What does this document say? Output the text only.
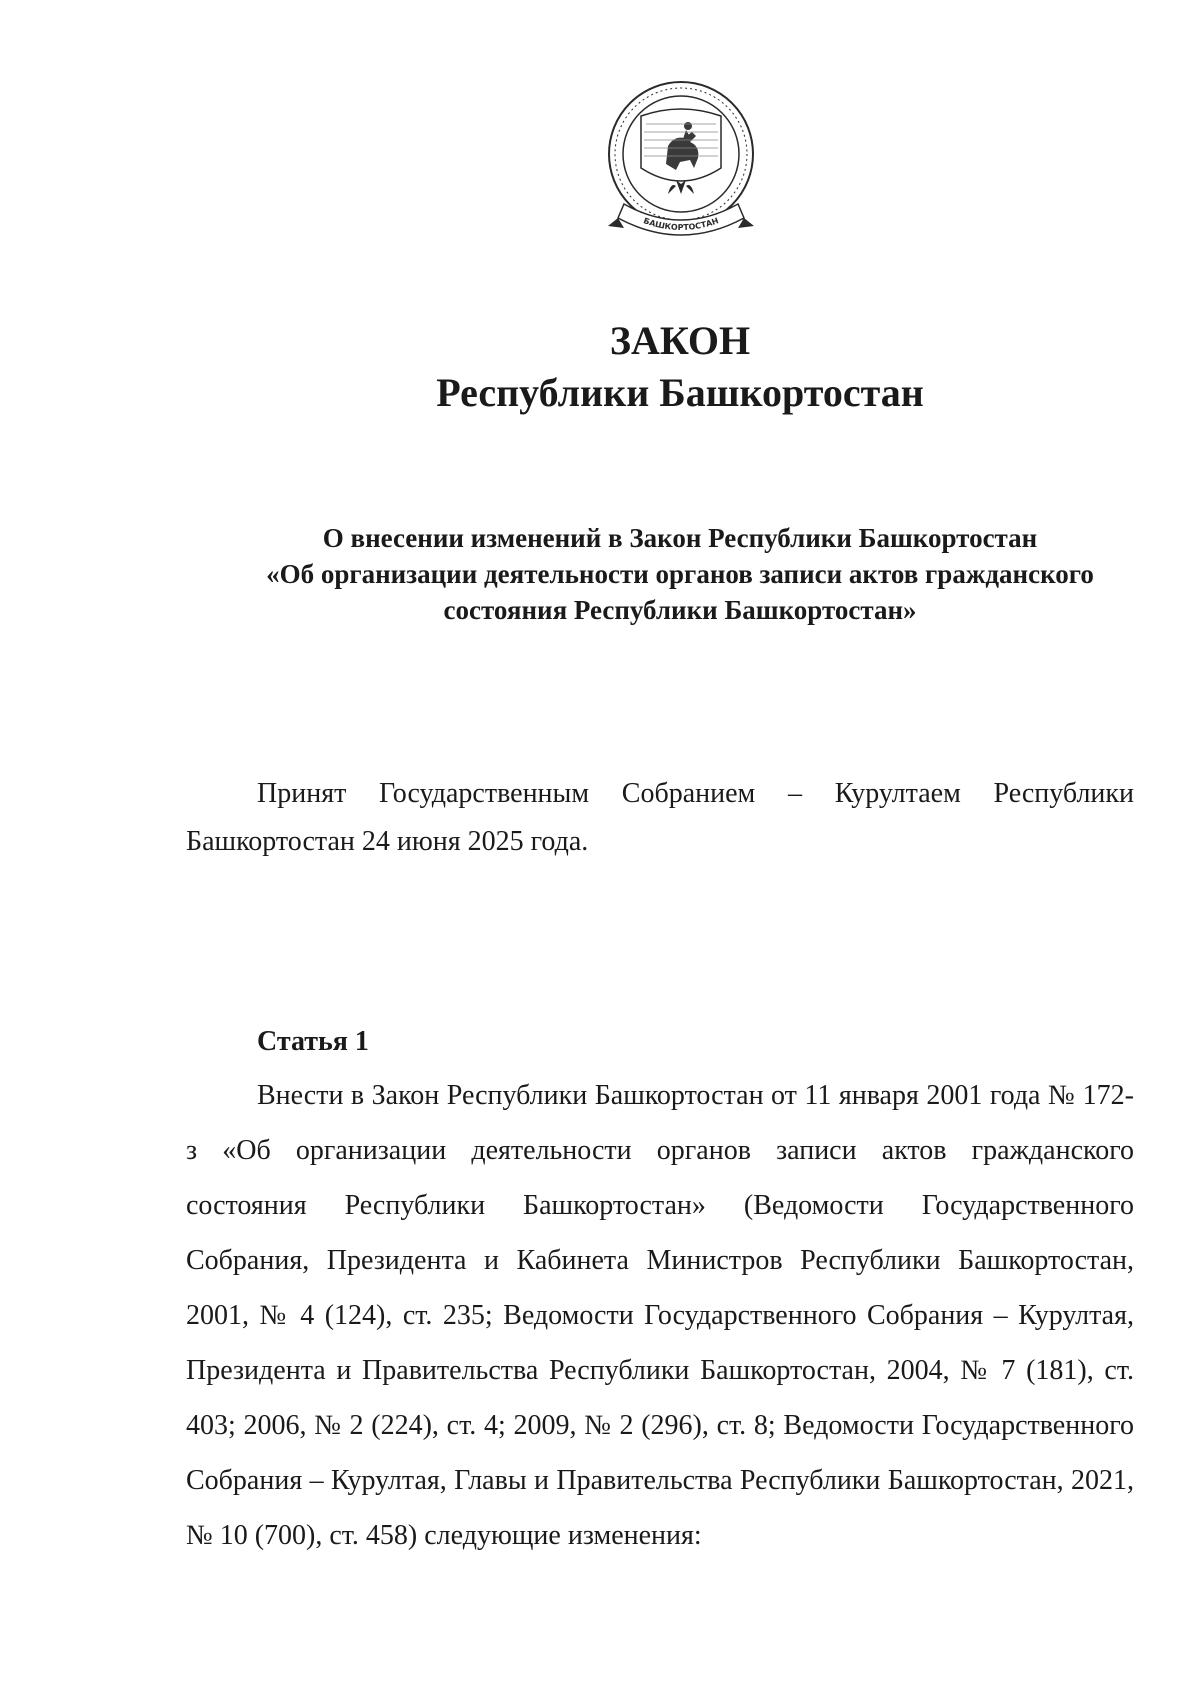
БАШКОРТОСТАН
ЗАКОН
Республики Башкортостан
О внесении изменений в Закон Республики Башкортостан
«Об организации деятельности органов записи актов гражданского
состояния Республики Башкортостан»
Принят Государственным Собранием – Курултаем Республики Башкортостан 24 июня 2025 года.
Статья 1
Внести в Закон Республики Башкортостан от 11 января 2001 года № 172-з «Об организации деятельности органов записи актов гражданского состояния Республики Башкортостан» (Ведомости Государственного Собрания, Президента и Кабинета Министров Республики Башкортостан, 2001, № 4 (124), ст. 235; Ведомости Государственного Собрания – Курултая, Президента и Правительства Республики Башкортостан, 2004, № 7 (181), ст. 403; 2006, № 2 (224), ст. 4; 2009, № 2 (296), ст. 8; Ведомости Государственного Собрания – Курултая, Главы и Правительства Республики Башкортостан, 2021, № 10 (700), ст. 458) следующие изменения:
